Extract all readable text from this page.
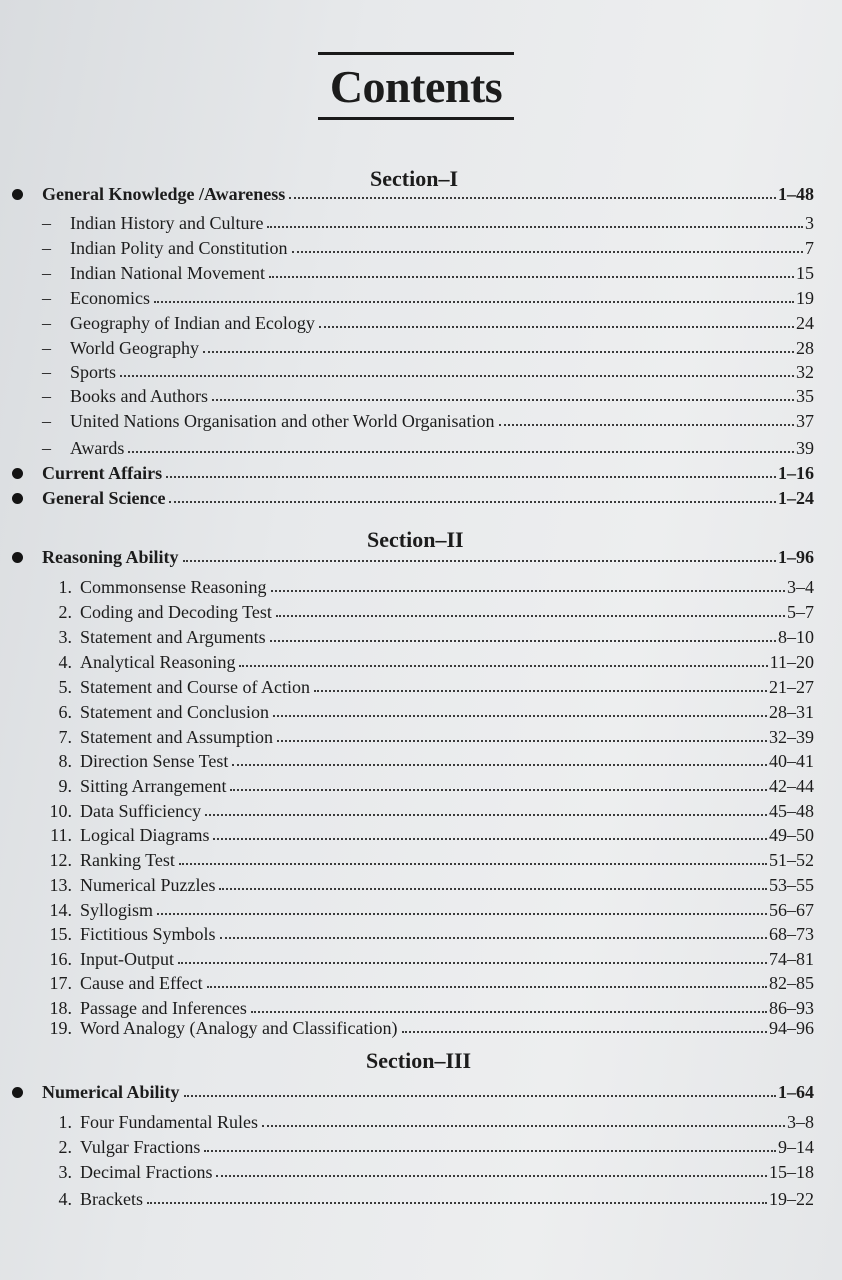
Contents
Section–I
Section–II
Section–III
General Knowledge /Awareness	1–48
– Indian History and Culture	3
– Indian Polity and Constitution	7
– Indian National Movement	15
– Economics	19
– Geography of Indian and Ecology	24
– World Geography	28
– Sports	32
– Books and Authors	35
– United Nations Organisation and other World Organisation	37
– Awards	39
Current Affairs	1–16
General Science	1–24
Reasoning Ability	1–96
1. Commonsense Reasoning	3–4
2. Coding and Decoding Test	5–7
3. Statement and Arguments	8–10
4. Analytical Reasoning	11–20
5. Statement and Course of Action	21–27
6. Statement and Conclusion	28–31
7. Statement and Assumption	32–39
8. Direction Sense Test	40–41
9. Sitting Arrangement	42–44
10. Data Sufficiency	45–48
11. Logical Diagrams	49–50
12. Ranking Test	51–52
13. Numerical Puzzles	53–55
14. Syllogism	56–67
15. Fictitious Symbols	68–73
16. Input-Output	74–81
17. Cause and Effect	82–85
18. Passage and Inferences	86–93
19. Word Analogy (Analogy and Classification)	94–96
Numerical Ability	1–64
1. Four Fundamental Rules	3–8
2. Vulgar Fractions	9–14
3. Decimal Fractions	15–18
4. Brackets	19–22
